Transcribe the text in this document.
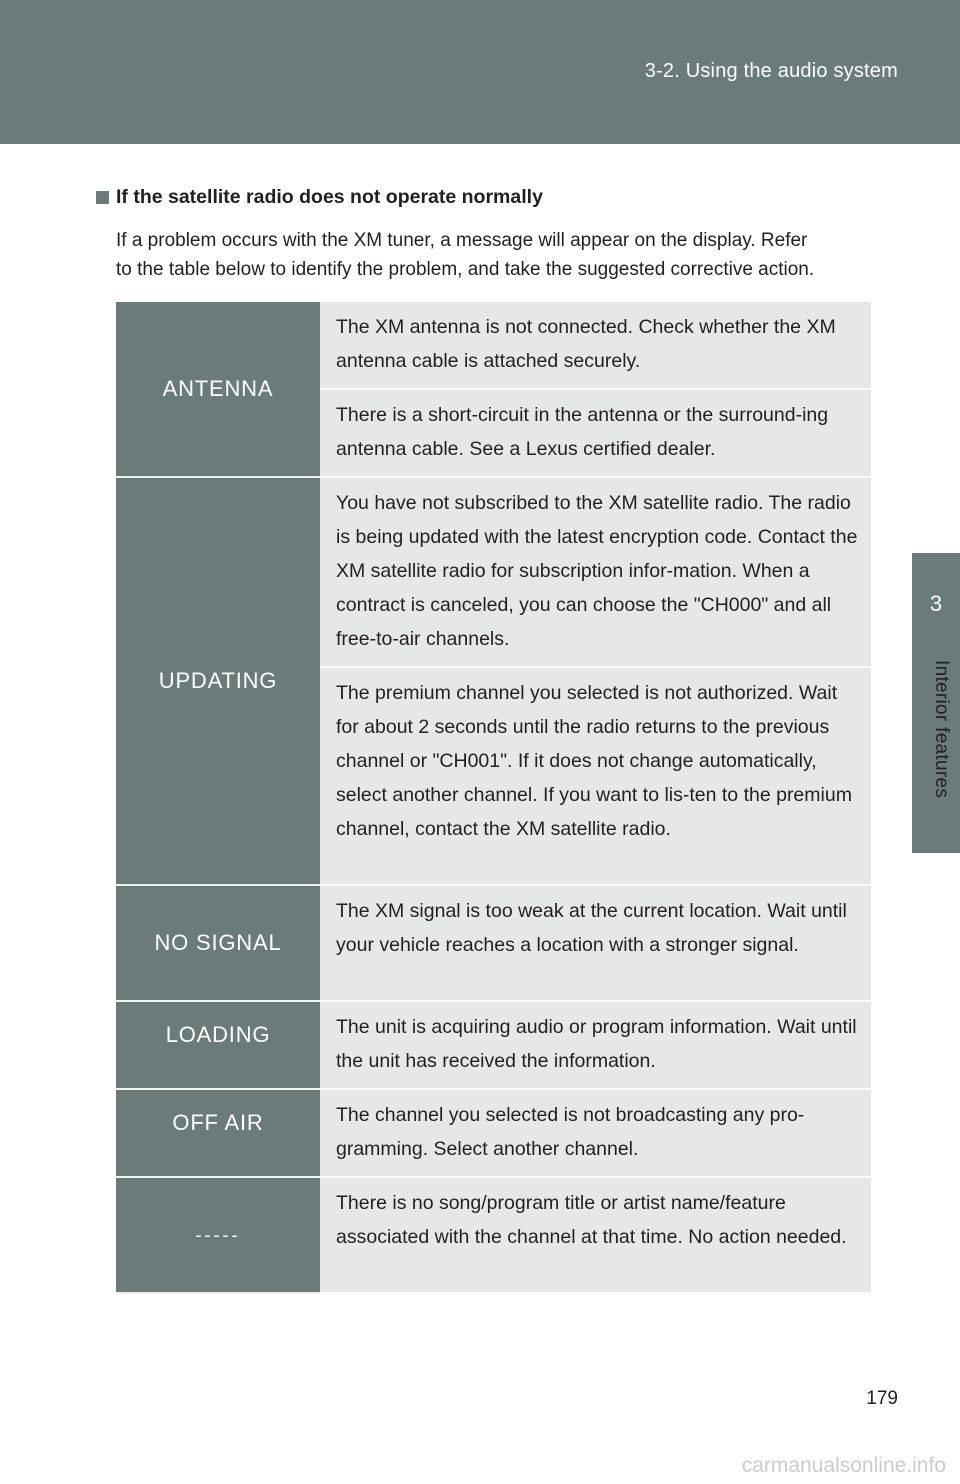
3-2. Using the audio system
3
Interior features
If the satellite radio does not operate normally

If a problem occurs with the XM tuner, a message will appear on the display. Refer

to the table below to identify the problem, and take the suggested corrective action.

ANTENNA	The XM antenna is not connected. Check whether the XM antenna cable is attached securely.
	There is a short-circuit in the antenna or the surround-ing antenna cable. See a Lexus certified dealer.
UPDATING	You have not subscribed to the XM satellite radio. The radio is being updated with the latest encryption code. Contact the XM satellite radio for subscription infor-mation. When a contract is canceled, you can choose the "CH000" and all free-to-air channels.
	The premium channel you selected is not authorized. Wait for about 2 seconds until the radio returns to the previous channel or "CH001". If it does not change automatically, select another channel. If you want to lis-ten to the premium channel, contact the XM satellite radio.
NO SIGNAL	The XM signal is too weak at the current location. Wait until your vehicle reaches a location with a stronger signal.
LOADING	The unit is acquiring audio or program information. Wait until the unit has received the information.
OFF AIR	The channel you selected is not broadcasting any pro-gramming. Select another channel.
-----	There is no song/program title or artist name/feature associated with the channel at that time. No action needed.
179
carmanualsonline.info
